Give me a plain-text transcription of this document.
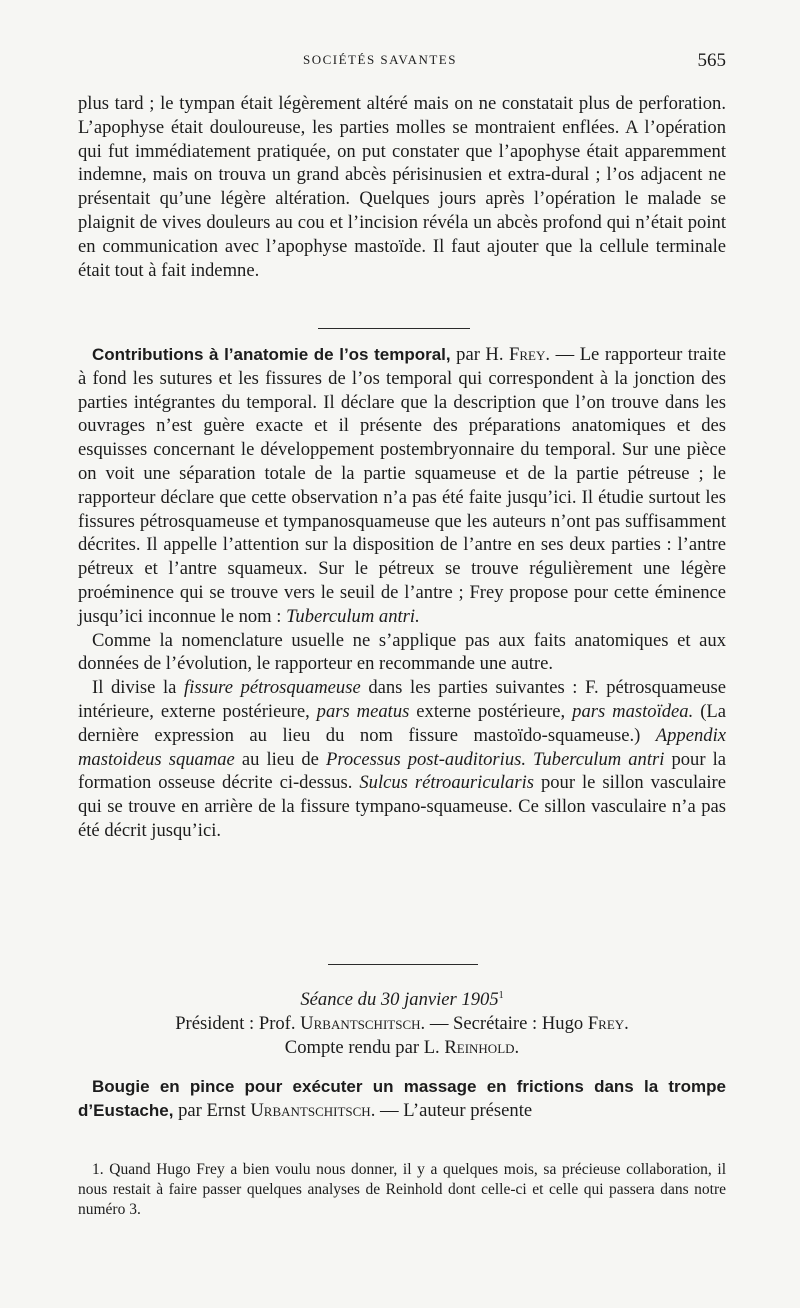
SOCIÉTÉS SAVANTES	565

plus tard ; le tympan était légèrement altéré mais on ne constatait plus de perforation. L’apophyse était douloureuse, les parties molles se montraient enflées. A l’opération qui fut immédiatement pratiquée, on put constater que l’apophyse était apparemment indemne, mais on trouva un grand abcès périsinusien et extra-dural ; l’os adjacent ne présentait qu’une légère altération. Quelques jours après l’opération le malade se plaignit de vives douleurs au cou et l’incision révéla un abcès profond qui n’était point en communication avec l’apophyse mastoïde. Il faut ajouter que la cellule terminale était tout à fait indemne.

Contributions à l’anatomie de l’os temporal, par H. Frey. — Le rapporteur traite à fond les sutures et les fissures de l’os temporal qui correspondent à la jonction des parties intégrantes du temporal. Il déclare que la description que l’on trouve dans les ouvrages n’est guère exacte et il présente des préparations anatomiques et des esquisses concernant le développement postembryonnaire du temporal. Sur une pièce on voit une séparation totale de la partie squameuse et de la partie pétreuse ; le rapporteur déclare que cette observation n’a pas été faite jusqu’ici. Il étudie surtout les fissures pétrosquameuse et tympanosquameuse que les auteurs n’ont pas suffisamment décrites. Il appelle l’attention sur la disposition de l’antre en ses deux parties : l’antre pétreux et l’antre squameux. Sur le pétreux se trouve régulièrement une légère proéminence qui se trouve vers le seuil de l’antre ; Frey propose pour cette éminence jusqu’ici inconnue le nom : Tuberculum antri.

Comme la nomenclature usuelle ne s’applique pas aux faits anatomiques et aux données de l’évolution, le rapporteur en recommande une autre.

Il divise la fissure pétrosquameuse dans les parties suivantes : F. pétrosquameuse intérieure, externe postérieure, pars meatus externe postérieure, pars mastoïdea. (La dernière expression au lieu du nom fissure mastoïdo-squameuse.) Appendix mastoideus squamae au lieu de Processus post-auditorius. Tuberculum antri pour la formation osseuse décrite ci-dessus. Sulcus rétroauricularis pour le sillon vasculaire qui se trouve en arrière de la fissure tympano-squameuse. Ce sillon vasculaire n’a pas été décrit jusqu’ici.

Séance du 30 janvier 1905$^1$

Président : Prof. Urbantschitsch. — Secrétaire : Hugo Frey.

Compte rendu par L. Reinhold.

Bougie en pince pour exécuter un massage en frictions dans la trompe d’Eustache, par Ernst Urbantschitsch. — L’auteur présente

1. Quand Hugo Frey a bien voulu nous donner, il y a quelques mois, sa précieuse collaboration, il nous restait à faire passer quelques analyses de Reinhold dont celle-ci et celle qui passera dans notre numéro 3.
